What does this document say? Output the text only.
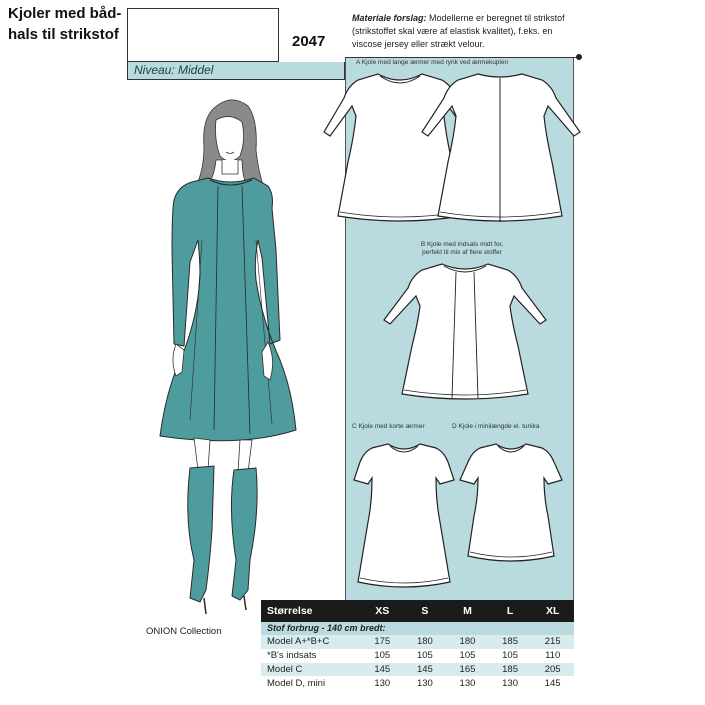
Kjoler med båd-
hals til strikstof	2047
Niveau: Middel
Materiale forslag: Modellerne er beregnet til strikstof (strikstoffet skal være af elastisk kvalitet), f.eks. en viscose jersey eller strækt velour.
A Kjole med lange ærmer med rynk ved ærmekuplen
B Kjole med indsats midt for,
perfekt til mix af flere stoffer
C Kjole med korte ærmer	D Kjole i minilængde el. tunika
ONION Collection
Størrelse	XS	S	M	L	XL
Stof forbrug - 140 cm bredt:
Model A+*B+C	175	180	180	185	215
*B's indsats	105	105	105	105	110
Model C	145	145	165	185	205
Model D, mini	130	130	130	130	145
